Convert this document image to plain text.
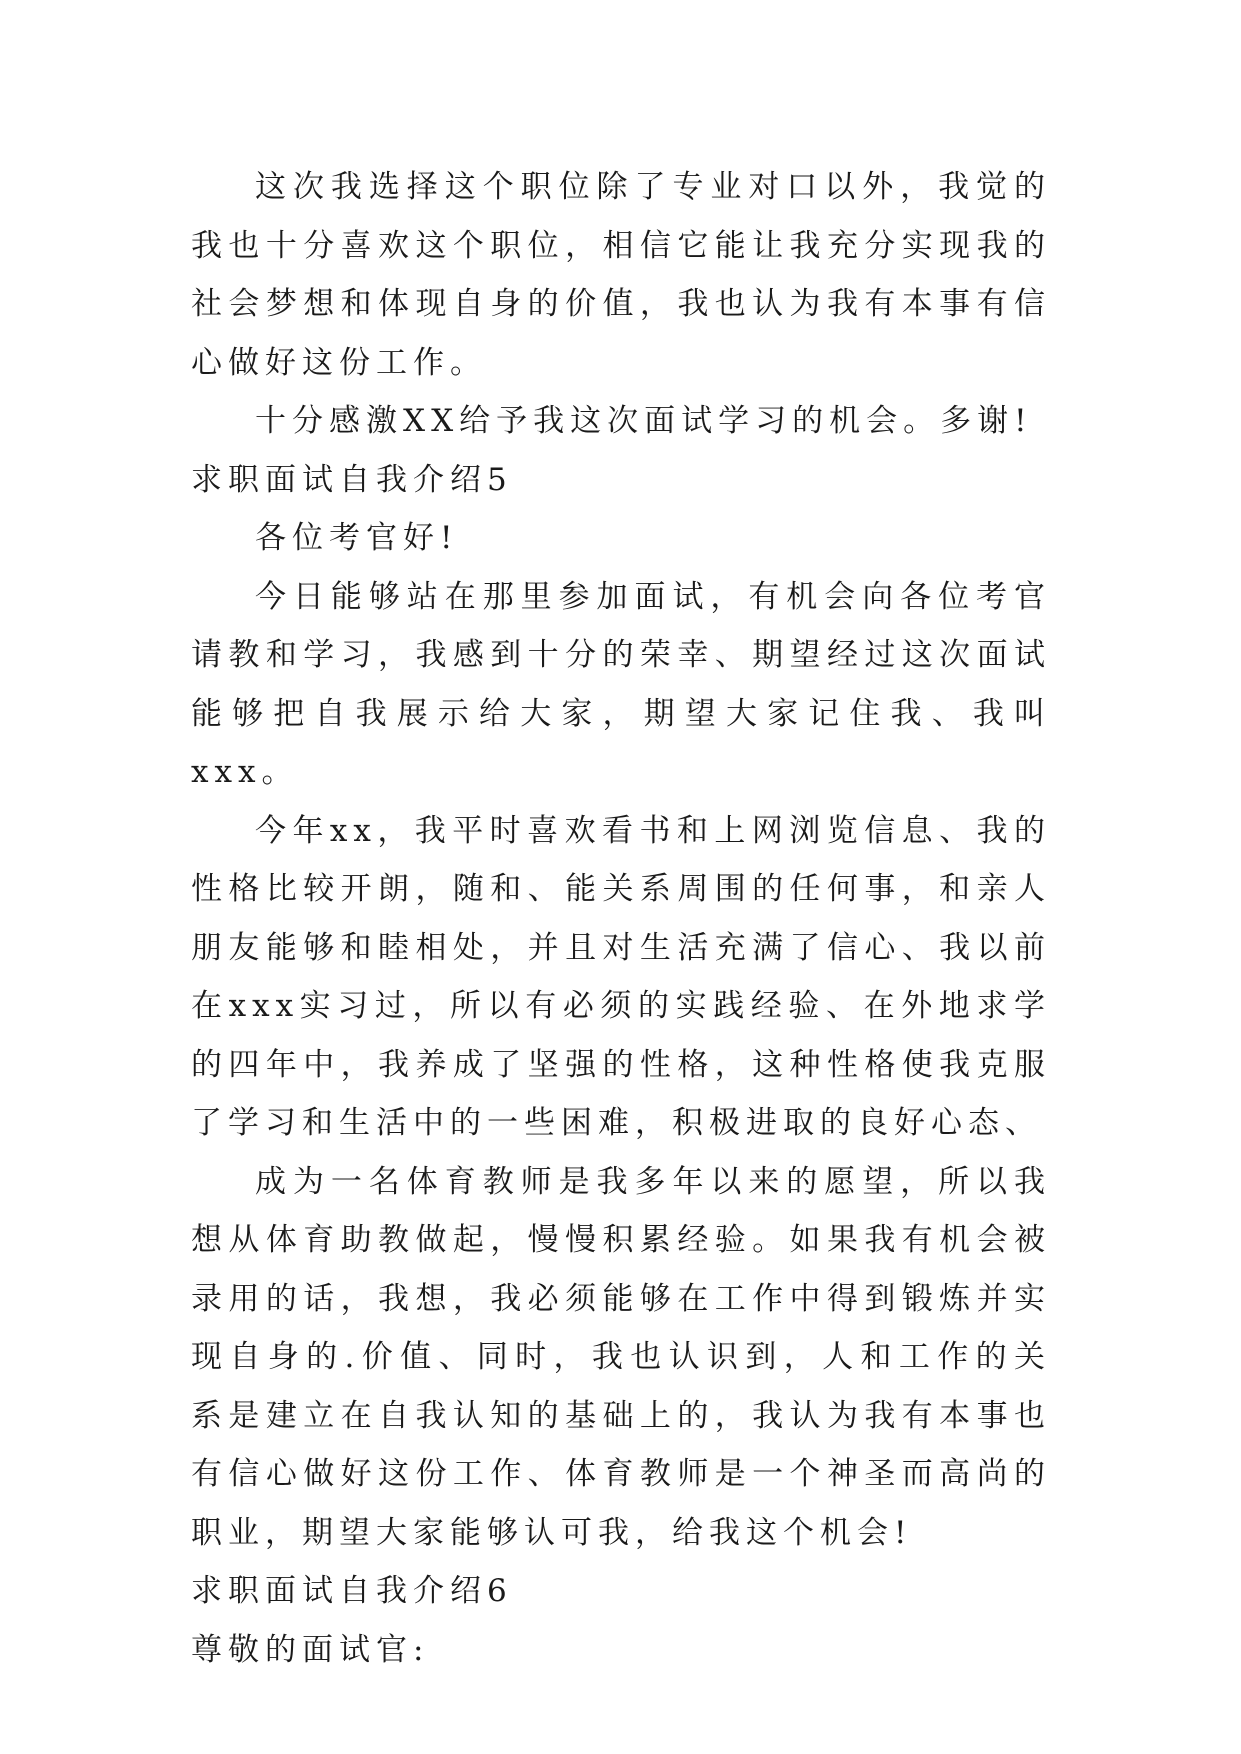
这次我选择这个职位除了专业对口以外，我觉的我也十分喜欢这个职位，相信它能让我充分实现我的社会梦想和体现自身的价值，我也认为我有本事有信心做好这份工作。

十分感激XX给予我这次面试学习的机会。多谢!

求职面试自我介绍5

各位考官好!

今日能够站在那里参加面试，有机会向各位考官请教和学习，我感到十分的荣幸、期望经过这次面试能够把自我展示给大家，期望大家记住我、我叫xxx。

今年xx，我平时喜欢看书和上网浏览信息、我的性格比较开朗，随和、能关系周围的任何事，和亲人朋友能够和睦相处，并且对生活充满了信心、我以前在xxx实习过，所以有必须的实践经验、在外地求学的四年中，我养成了坚强的性格，这种性格使我克服了学习和生活中的一些困难，积极进取的良好心态、

成为一名体育教师是我多年以来的愿望，所以我想从体育助教做起，慢慢积累经验。如果我有机会被录用的话，我想，我必须能够在工作中得到锻炼并实现自身的.价值、同时，我也认识到，人和工作的关系是建立在自我认知的基础上的，我认为我有本事也有信心做好这份工作、体育教师是一个神圣而高尚的职业，期望大家能够认可我，给我这个机会!

求职面试自我介绍6

尊敬的面试官:
